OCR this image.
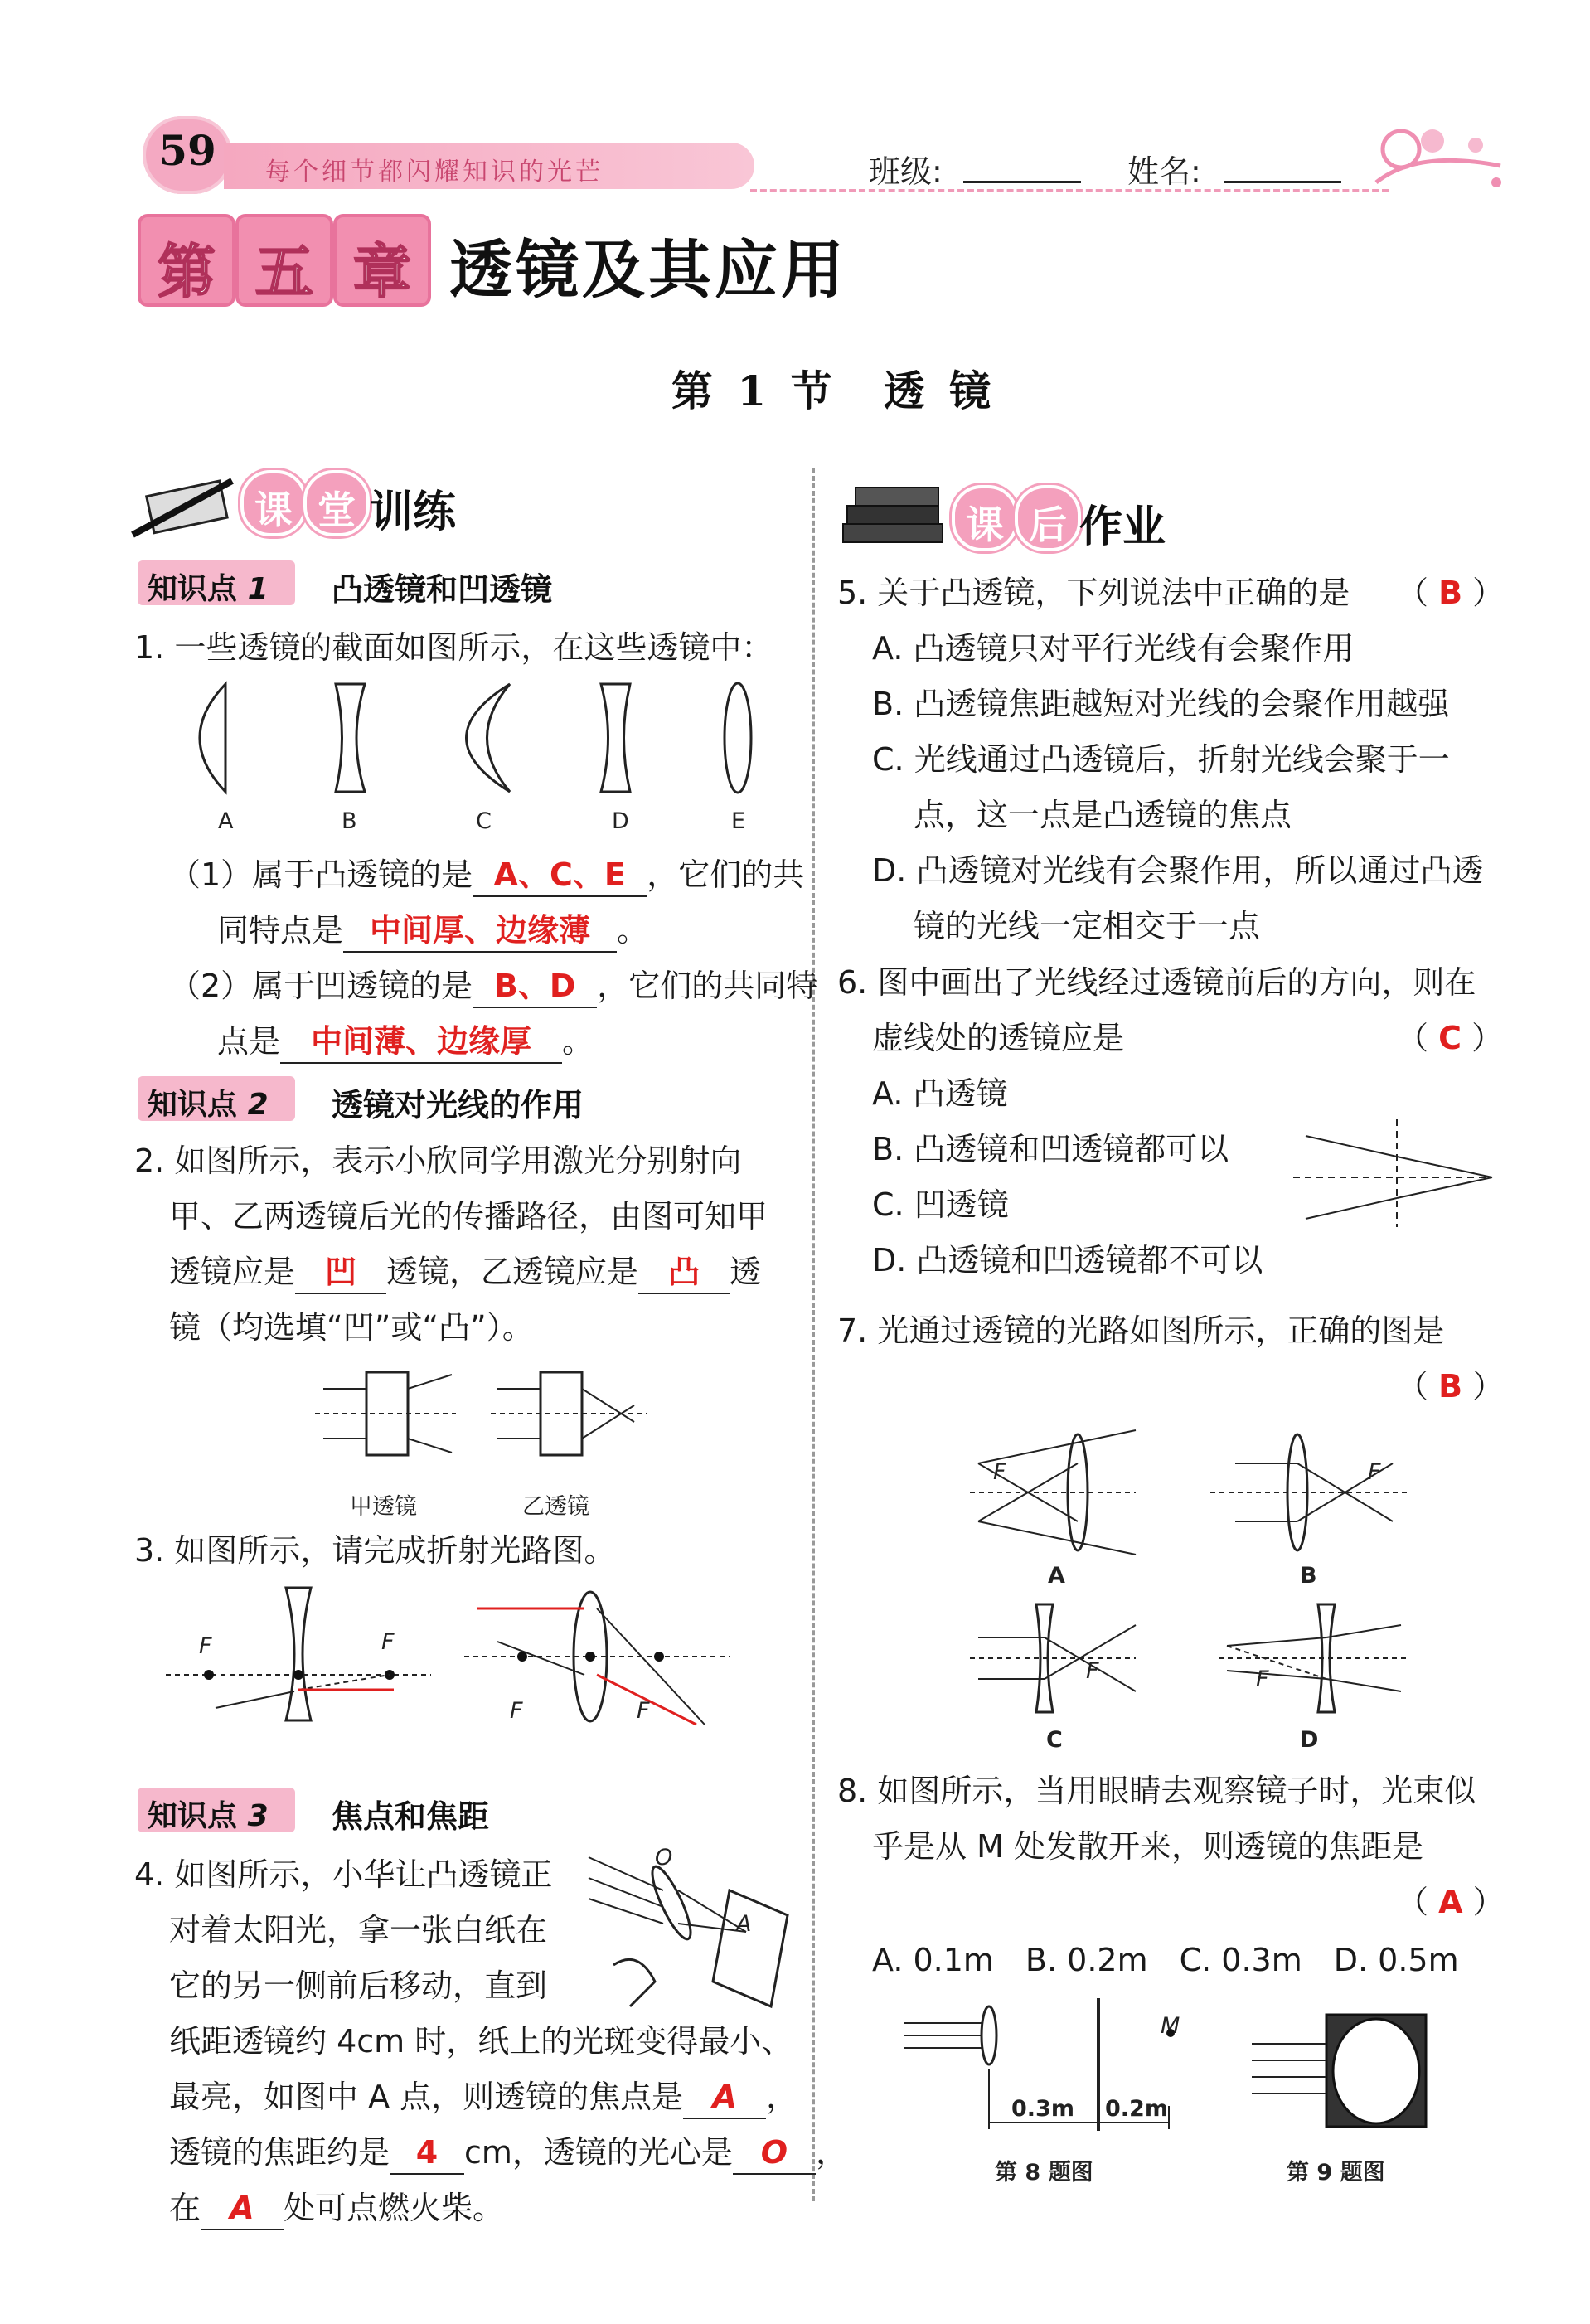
59	每个细节都闪耀知识的光芒	班级:	姓名:
第 五 章 透镜及其应用
第 1 节　透 镜
课 堂 训练
知识点 1 凸透镜和凹透镜
1. 一些透镜的截面如图所示，在这些透镜中：
A	B	C	D	E
（1）属于凸透镜的是 A、C、E ，它们的共
同特点是 中间厚、边缘薄 。
（2）属于凹透镜的是 B、D ，它们的共同特
点是 中间薄、边缘厚 。
知识点 2 透镜对光线的作用
2. 如图所示，表示小欣同学用激光分别射向
甲、乙两透镜后光的传播路径，由图可知甲
透镜应是 凹 透镜，乙透镜应是 凸 透
镜（均选填“凹”或“凸”）。
甲透镜	乙透镜
3. 如图所示，请完成折射光路图。
F	F
F	F
知识点 3 焦点和焦距
4. 如图所示，小华让凸透镜正
对着太阳光，拿一张白纸在
它的另一侧前后移动，直到
纸距透镜约 4cm 时，纸上的光斑变得最小、
最亮，如图中 A 点，则透镜的焦点是 A ，
透镜的焦距约是 4 cm，透镜的光心是 O ，
在 A 处可点燃火柴。
O
A
课 后 作业
5. 关于凸透镜，下列说法中正确的是 （ B ）
A. 凸透镜只对平行光线有会聚作用
B. 凸透镜焦距越短对光线的会聚作用越强
C. 光线通过凸透镜后，折射光线会聚于一
点，这一点是凸透镜的焦点
D. 凸透镜对光线有会聚作用，所以通过凸透
镜的光线一定相交于一点
6. 图中画出了光线经过透镜前后的方向，则在
虚线处的透镜应是	（ C ）
A. 凸透镜
B. 凸透镜和凹透镜都可以
C. 凹透镜
D. 凸透镜和凹透镜都不可以
7. 光通过透镜的光路如图所示，正确的图是
（ B ）
F	F
F	F
A	B
C	D
8. 如图所示，当用眼睛去观察镜子时，光束似
乎是从 M 处发散开来，则透镜的焦距是
（ A ）
A. 0.1m　B. 0.2m　C. 0.3m　D. 0.5m
M
0.3m 0.2m
第 8 题图	第 9 题图
